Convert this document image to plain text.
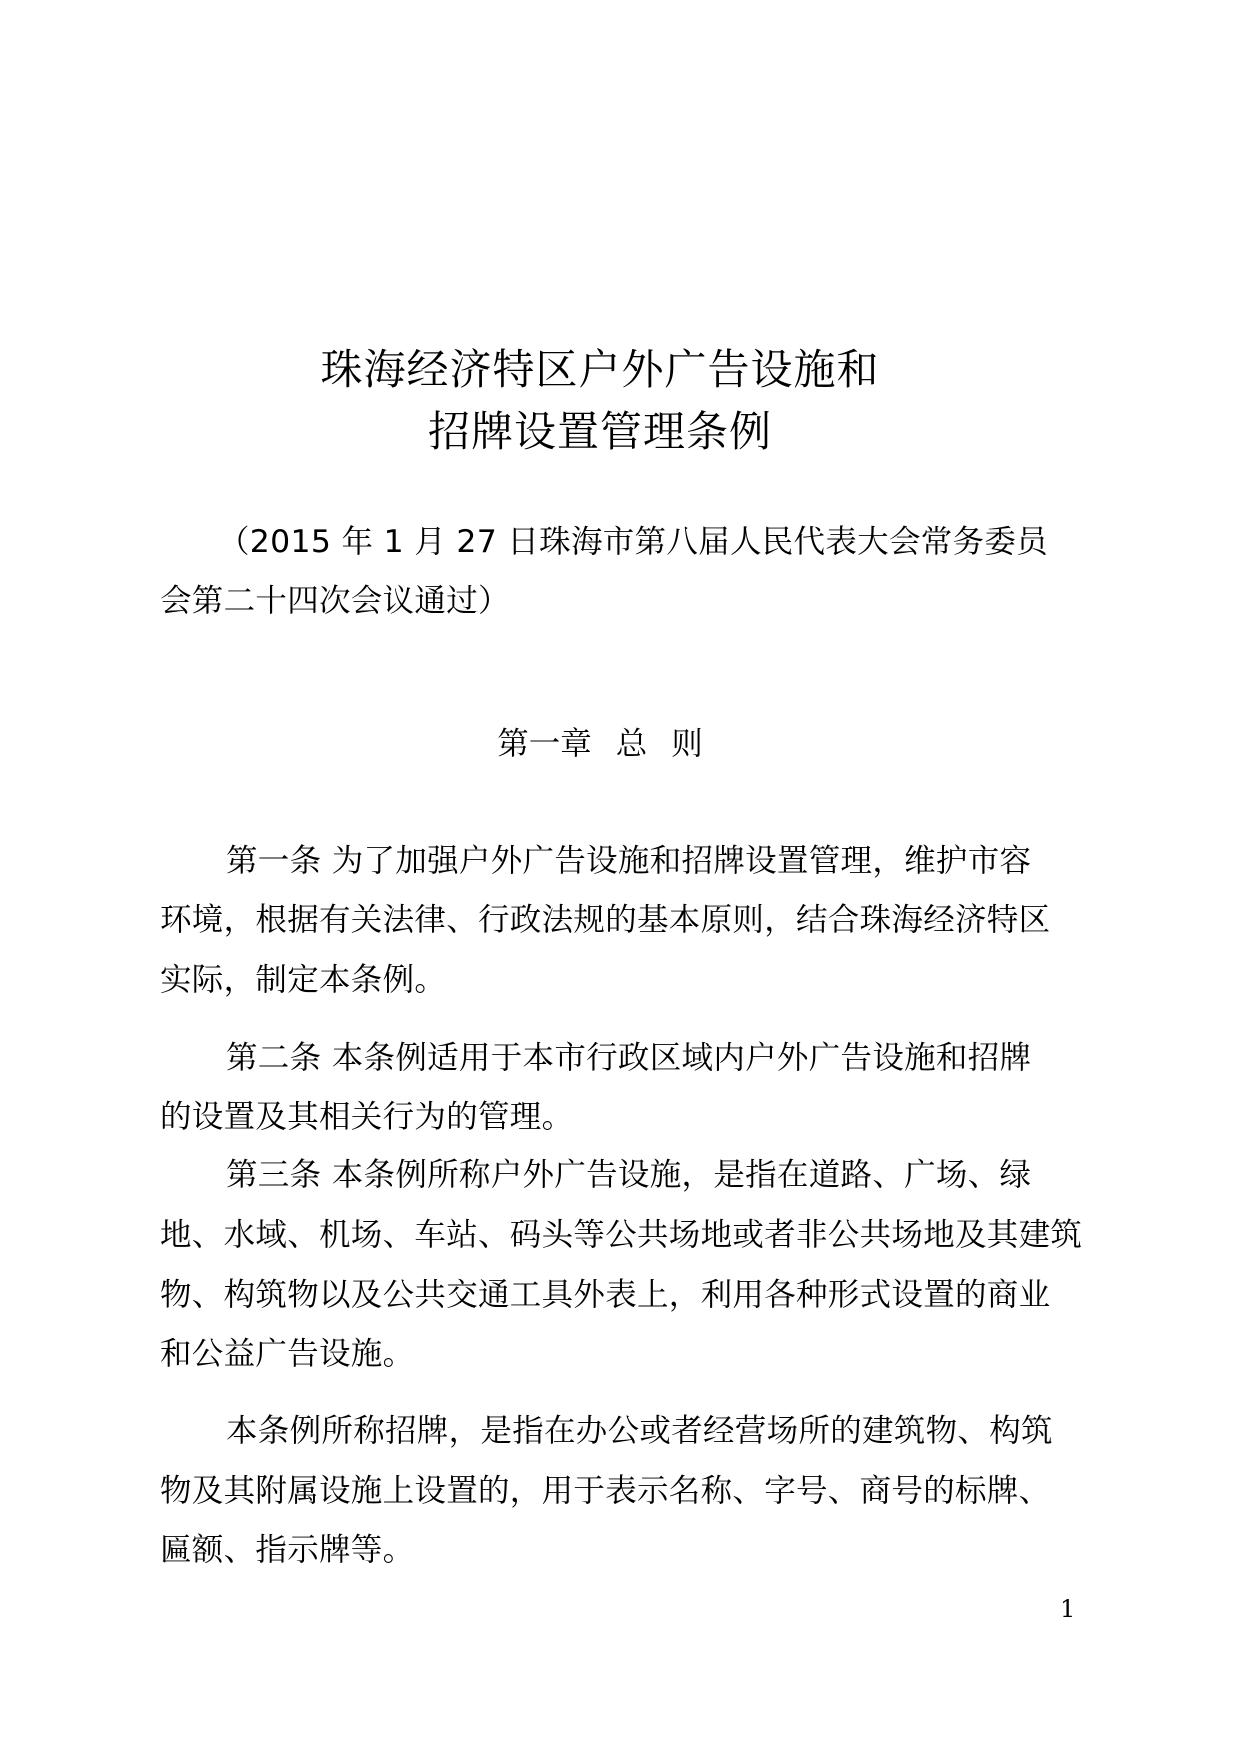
珠海经济特区户外广告设施和
招牌设置管理条例
（2015 年 1 月 27 日珠海市第八届人民代表大会常务委员
会第二十四次会议通过）
第一章 总 则
第一条 为了加强户外广告设施和招牌设置管理，维护市容
环境，根据有关法律、行政法规的基本原则，结合珠海经济特区
实际，制定本条例。
第二条 本条例适用于本市行政区域内户外广告设施和招牌
的设置及其相关行为的管理。
第三条 本条例所称户外广告设施，是指在道路、广场、绿
地、水域、机场、车站、码头等公共场地或者非公共场地及其建筑
物、构筑物以及公共交通工具外表上，利用各种形式设置的商业
和公益广告设施。
本条例所称招牌，是指在办公或者经营场所的建筑物、构筑
物及其附属设施上设置的，用于表示名称、字号、商号的标牌、
匾额、指示牌等。
1
